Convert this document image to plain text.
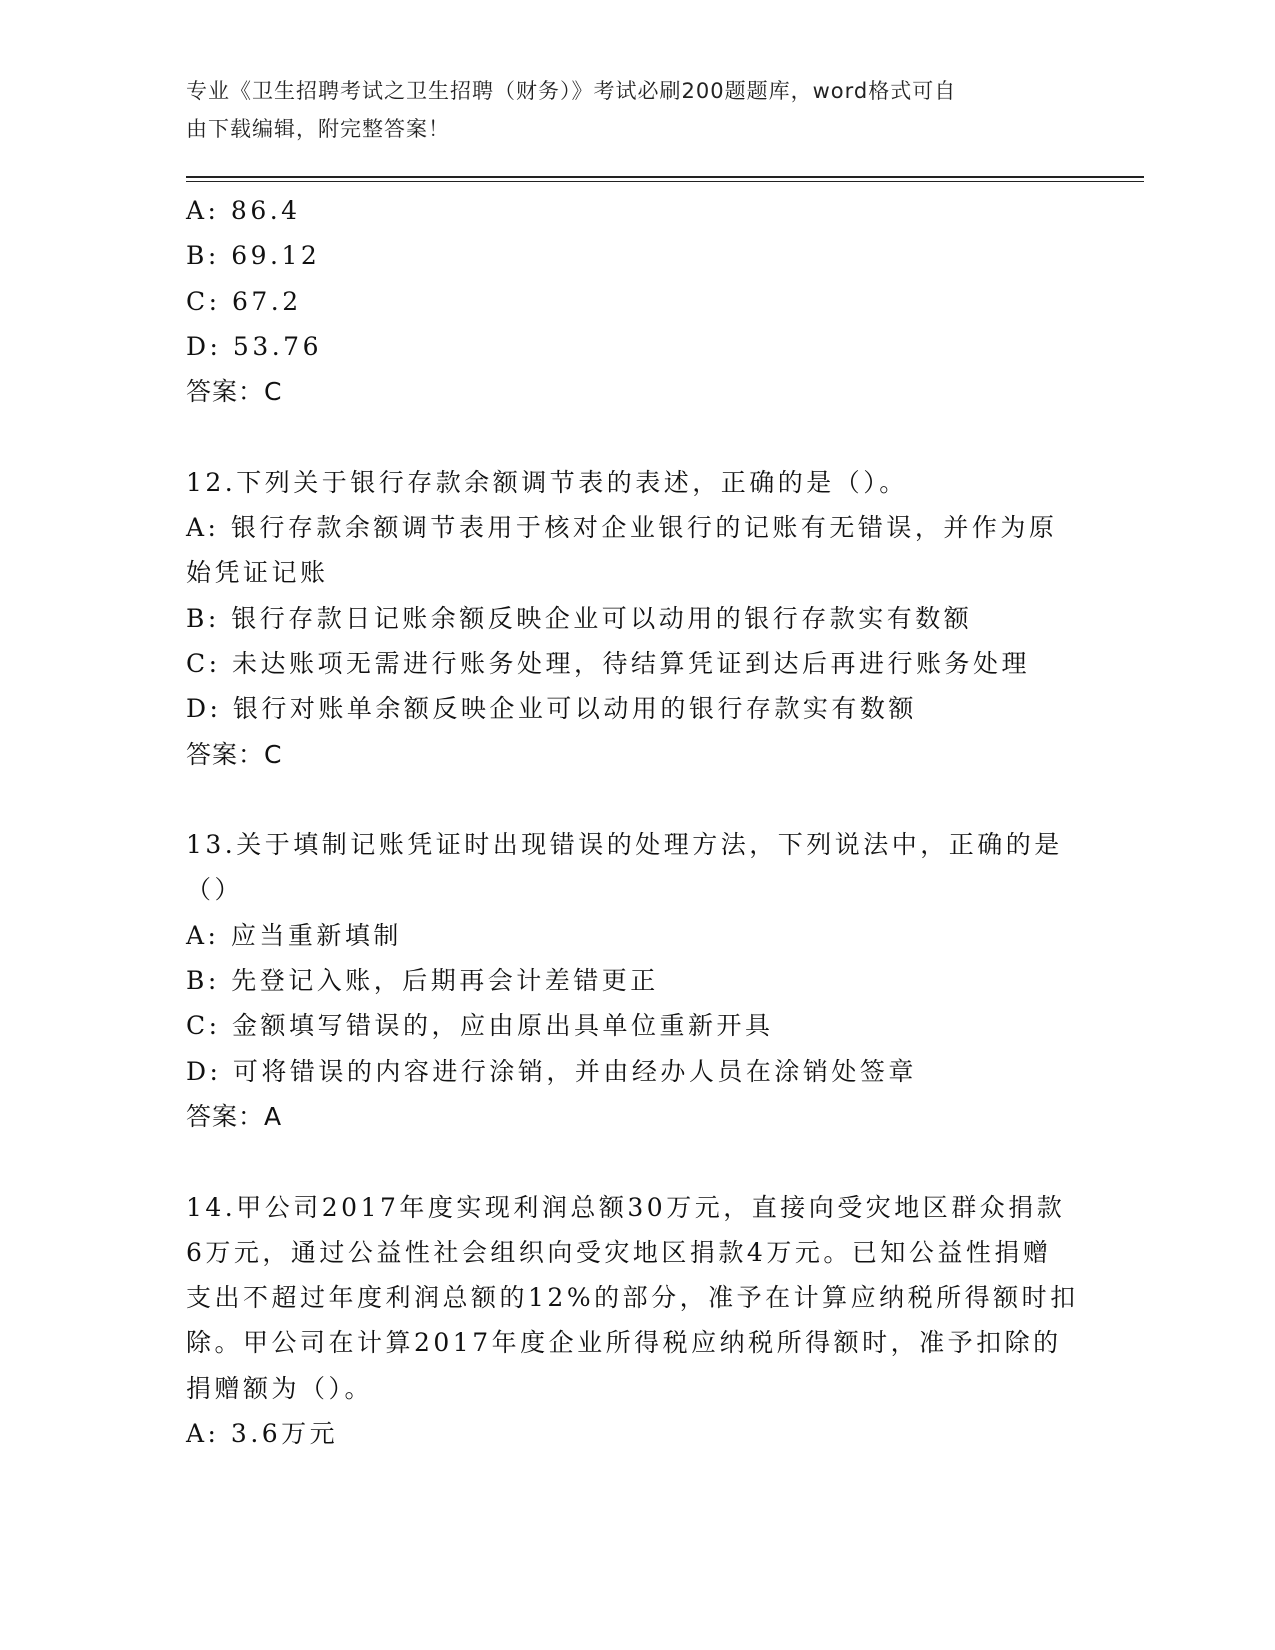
专业《卫生招聘考试之卫生招聘（财务）》考试必刷200题题库，word格式可自
由下载编辑，附完整答案！
A: 86.4
B: 69.12
C: 67.2
D: 53.76
答案：C
12.下列关于银行存款余额调节表的表述，正确的是（）。
A: 银行存款余额调节表用于核对企业银行的记账有无错误，并作为原
始凭证记账
B: 银行存款日记账余额反映企业可以动用的银行存款实有数额
C: 未达账项无需进行账务处理，待结算凭证到达后再进行账务处理
D: 银行对账单余额反映企业可以动用的银行存款实有数额
答案：C
13.关于填制记账凭证时出现错误的处理方法，下列说法中，正确的是
（）
A: 应当重新填制
B: 先登记入账，后期再会计差错更正
C: 金额填写错误的，应由原出具单位重新开具
D: 可将错误的内容进行涂销，并由经办人员在涂销处签章
答案：A
14.甲公司2017年度实现利润总额30万元，直接向受灾地区群众捐款
6万元，通过公益性社会组织向受灾地区捐款4万元。已知公益性捐赠
支出不超过年度利润总额的12%的部分，准予在计算应纳税所得额时扣
除。甲公司在计算2017年度企业所得税应纳税所得额时，准予扣除的
捐赠额为（）。
A: 3.6万元
